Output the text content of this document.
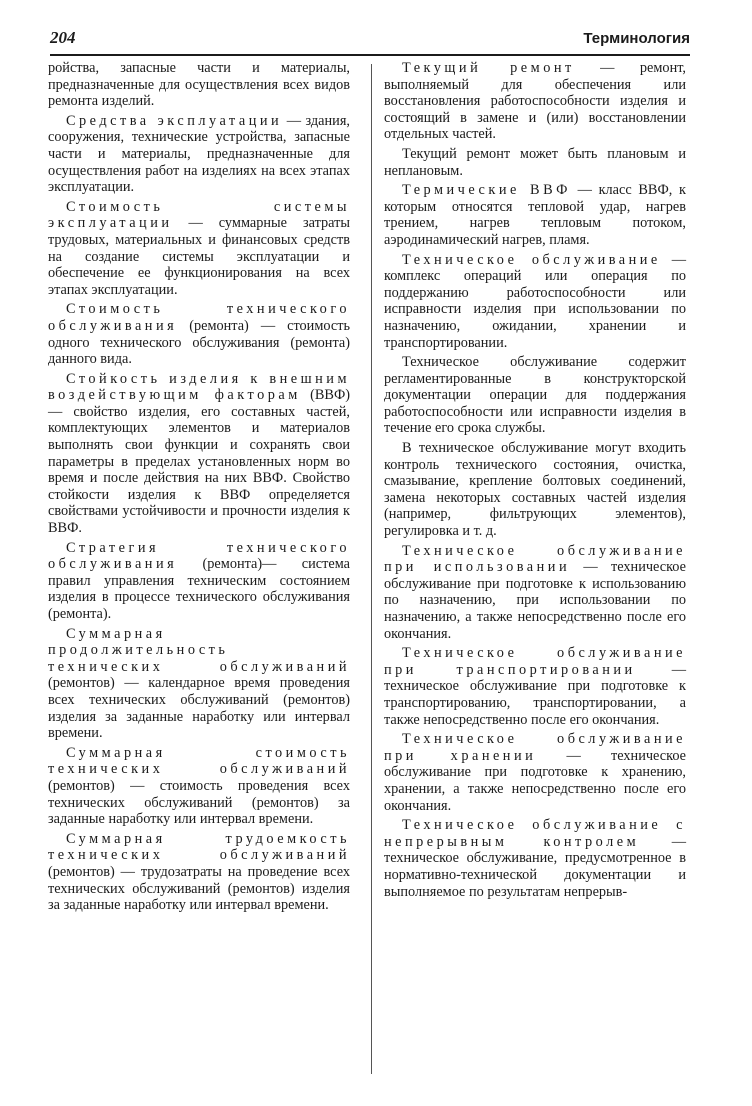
204	Терминология

ройства, запасные части и материалы, предназначенные для осуществления всех видов ремонта изделий.

Средства эксплуатации — здания, сооружения, технические устройства, запасные части и материалы, предназначенные для осуществления работ на изделиях на всех этапах эксплуатации.

Стоимость системы эксплуатации — суммарные затраты трудовых, материальных и финансовых средств на создание системы эксплуатации и обеспечение ее функционирования на всех этапах эксплуатации.

Стоимость технического обслуживания (ремонта) — стоимость одного технического обслуживания (ремонта) данного вида.

Стойкость изделия к внешним воздействующим факторам (ВВФ) — свойство изделия, его составных частей, комплектующих элементов и материалов выполнять свои функции и сохранять свои параметры в пределах установленных норм во время и после действия на них ВВФ. Свойство стойкости изделия к ВВФ определяется свойствами устойчивости и прочности изделия к ВВФ.

Стратегия технического обслуживания (ремонта)— система правил управления техническим состоянием изделия в процессе технического обслуживания (ремонта).

Суммарная продолжительность технических обслуживаний (ремонтов) — календарное время проведения всех технических обслуживаний (ремонтов) изделия за заданные наработку или интервал времени.

Суммарная стоимость технических обслуживаний (ремонтов) — стоимость проведения всех технических обслуживаний (ремонтов) за заданные наработку или интервал времени.

Суммарная трудоемкость технических обслуживаний (ремонтов) — трудозатраты на проведение всех технических обслуживаний (ремонтов) изделия за заданные наработку или интервал времени.

Текущий ремонт — ремонт, выполняемый для обеспечения или восстановления работоспособности изделия и состоящий в замене и (или) восстановлении отдельных частей.

Текущий ремонт может быть плановым и неплановым.

Термические ВВФ — класс ВВФ, к которым относятся тепловой удар, нагрев трением, нагрев тепловым потоком, аэродинамический нагрев, пламя.

Техническое обслуживание — комплекс операций или операция по поддержанию работоспособности или исправности изделия при использовании по назначению, ожидании, хранении и транспортировании.

Техническое обслуживание содержит регламентированные в конструкторской документации операции для поддержания работоспособности или исправности изделия в течение его срока службы.

В техническое обслуживание могут входить контроль технического состояния, очистка, смазывание, крепление болтовых соединений, замена некоторых составных частей изделия (например, фильтрующих элементов), регулировка и т. д.

Техническое обслуживание при использовании — техническое обслуживание при подготовке к использованию по назначению, при использовании по назначению, а также непосредственно после его окончания.

Техническое обслуживание при транспортировании — техническое обслуживание при подготовке к транспортированию, транспортировании, а также непосредственно после его окончания.

Техническое обслуживание при хранении — техническое обслуживание при подготовке к хранению, хранении, а также непосредственно после его окончания.

Техническое обслуживание с непрерывным контролем — техническое обслуживание, предусмотренное в нормативно-технической документации и выполняемое по результатам непрерыв-
